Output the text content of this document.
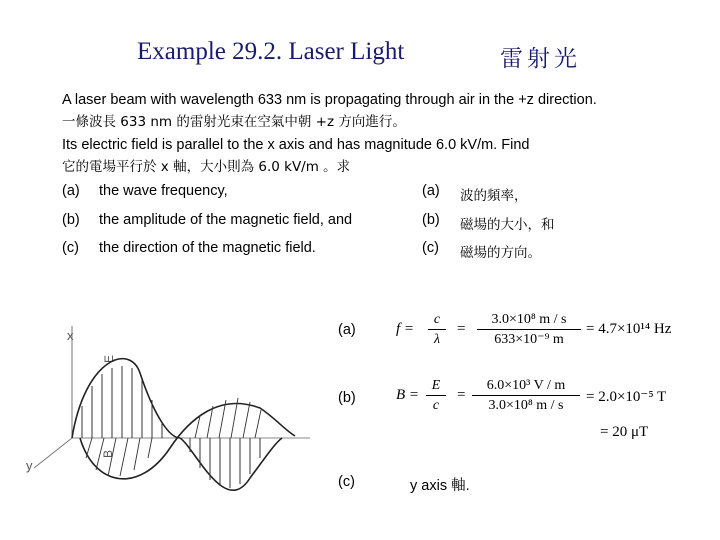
Example 29.2. Laser Light	雷射光
A laser beam with wavelength 633 nm is propagating through air in the +z direction.
一條波長 633 nm 的雷射光束在空氣中朝 +z 方向進行。
Its electric field is parallel to the x axis and has magnitude 6.0 kV/m. Find
它的電場平行於 x 軸，大小則為 6.0 kV/m 。求
(a) the wave frequency,	(a) 波的頻率，
(b) the amplitude of the magnetic field, and	(b) 磁場的大小，和
(c) the direction of the magnetic field.	(c) 磁場的方向。
x
y
E
B
(a)	f =
c
λ
=
3.0×10⁸ m / s
633×10⁻⁹ m
= 4.7×10¹⁴ Hz
(b)	B =
E
c
=
6.0×10³ V / m
3.0×10⁸ m / s
= 2.0×10⁻⁵ T
= 20 μT
(c)	y axis 軸.
